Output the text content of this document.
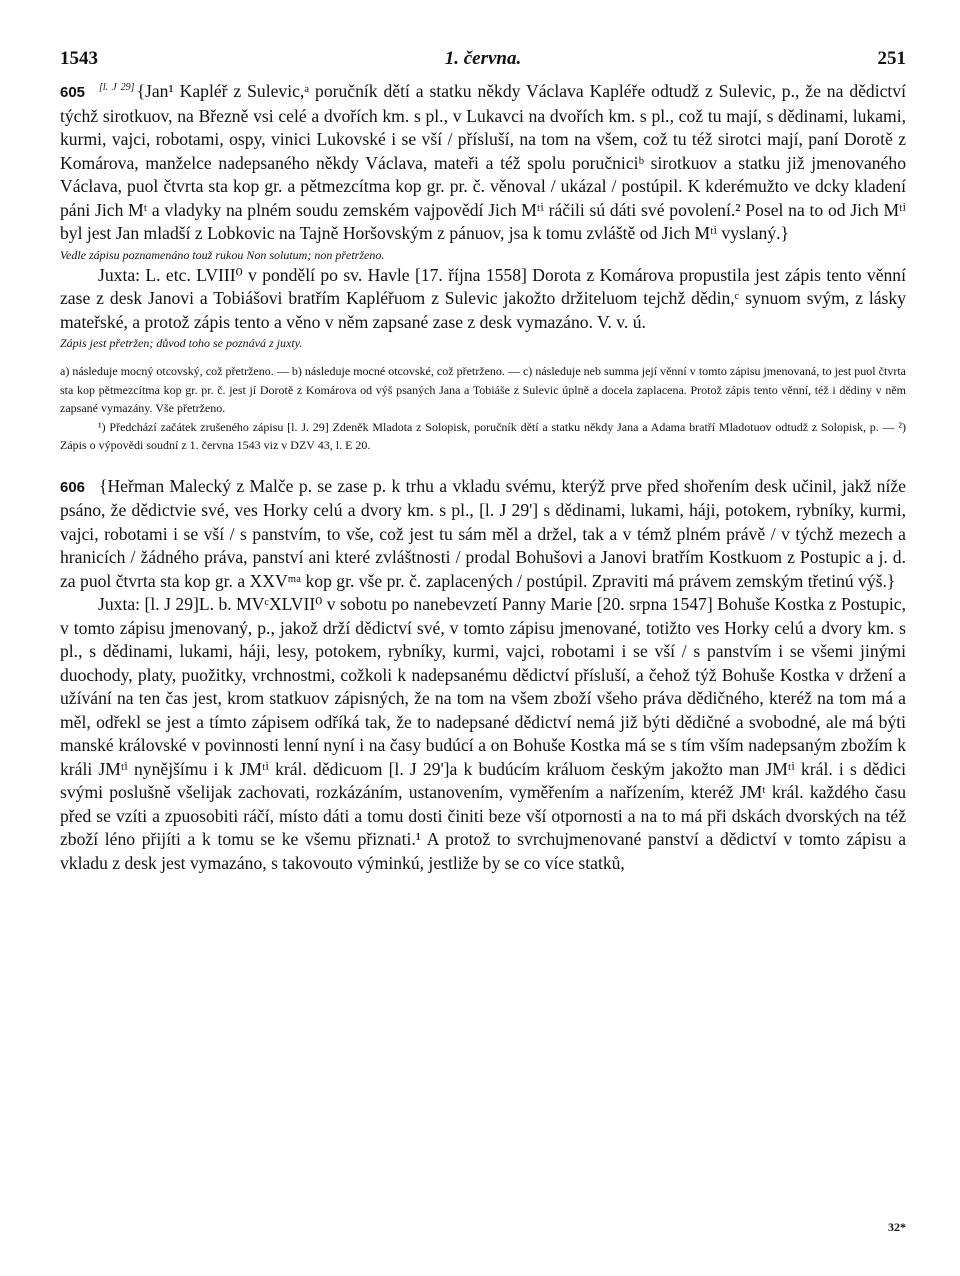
1543	1. června.	251

605 [l. J 29] {Jan¹ Kapléř z Sulevic,ᵃ poručník dětí a statku někdy Václava Kapléře odtudž z Sulevic, p., že na dědictví týchž sirotkuov, na Březně vsi celé a dvořích km. s pl., v Lukavci na dvořích km. s pl., což tu mají, s dědinami, lukami, kurmi, vajci, robotami, ospy, vinici Lukovské i se vší / přísluší, na tom na všem, což tu též sirotci mají, paní Dorotě z Komárova, manželce nadepsaného někdy Václava, mateři a též spolu poručniciᵇ sirotkuov a statku již jmenovaného Václava, puol čtvrta sta kop gr. a pětmezcítma kop gr. pr. č. věnoval / ukázal / postúpil. K kderémužto ve dcky kladení páni Jich Mᵗ a vladyky na plném soudu zemském vajpovědí Jich Mᵗⁱ ráčili sú dáti své povolení.² Posel na to od Jich Mᵗⁱ byl jest Jan mladší z Lobkovic na Tajně Horšovským z pánuov, jsa k tomu zvláště od Jich Mᵗⁱ vyslaný.}

Vedle zápisu poznamenáno touž rukou Non solutum; non přetrženo.

Juxta: L. etc. LVIII⁰ v pondělí po sv. Havle [17. října 1558] Dorota z Komárova propustila jest zápis tento věnní zase z desk Janovi a Tobiášovi bratřím Kapléřuom z Sulevic jakožto držiteluom tejchž dědin,ᶜ synuom svým, z lásky mateřské, a protož zápis tento a věno v něm zapsané zase z desk vymazáno. V. v. ú.

Zápis jest přetržen; důvod toho se poznává z juxty.

a) následuje mocný otcovský, což přetrženo. — b) následuje mocné otcovské, což přetrženo. — c) následuje neb summa její věnní v tomto zápisu jmenovaná, to jest puol čtvrta sta kop pětmezcítma kop gr. pr. č. jest jí Dorotě z Komárova od výš psaných Jana a Tobiáše z Sulevic úplně a docela zaplacena. Protož zápis tento věnní, též i dědiny v něm zapsané vymazány. Vše přetrženo.

¹) Předchází začátek zrušeného zápisu [l. J. 29] Zdeněk Mladota z Solopisk, poručník dětí a statku někdy Jana a Adama bratří Mladotuov odtudž z Solopisk, p. — ²) Zápis o výpovědi soudní z 1. června 1543 viz v DZV 43, l. E 20.

606 {Heřman Malecký z Malče p. se zase p. k trhu a vkladu svému, kterýž prve před shořením desk učinil, jakž níže psáno, že dědictvie své, ves Horky celú a dvory km. s pl., [l. J 29'] s dědinami, lukami, háji, potokem, rybníky, kurmi, vajci, robotami i se vší / s panstvím, to vše, což jest tu sám měl a držel, tak a v témž plném právě / v týchž mezech a hranicích / žádného práva, panství ani které zvláštnosti / prodal Bohušovi a Janovi bratřím Kostkuom z Postupic a j. d. za puol čtvrta sta kop gr. a XXVᵐᵃ kop gr. vše pr. č. zaplacených / postúpil. Zpraviti má právem zemským třetinú výš.}

Juxta: [l. J 29]L. b. MVᶜXLVII⁰ v sobotu po nanebevzetí Panny Marie [20. srpna 1547] Bohuše Kostka z Postupic, v tomto zápisu jmenovaný, p., jakož drží dědictví své, v tomto zápisu jmenované, totižto ves Horky celú a dvory km. s pl., s dědinami, lukami, háji, lesy, potokem, rybníky, kurmi, vajci, robotami i se vší / s panstvím i se všemi jinými duochody, platy, puožitky, vrchnostmi, cožkoli k nadepsanému dědictví přísluší, a čehož týž Bohuše Kostka v držení a užívání na ten čas jest, krom statkuov zápisných, že na tom na všem zboží všeho práva dědičného, kteréž na tom má a měl, odřekl se jest a tímto zápisem odříká tak, že to nadepsané dědictví nemá již býti dědičné a svobodné, ale má býti manské královské v povinnosti lenní nyní i na časy budúcí a on Bohuše Kostka má se s tím vším nadepsaným zbožím k králi JMᵗⁱ nynějšímu i k JMᵗⁱ král. dědicuom [l. J 29']a k budúcím králuom českým jakožto man JMᵗⁱ král. i s dědici svými poslušně všelijak zachovati, rozkázáním, ustanovením, vyměřením a nařízením, kteréž JMᵗ král. každého času před se vzíti a zpuosobiti ráčí, místo dáti a tomu dosti činiti beze vší otpornosti a na to má při dskách dvorských na též zboží léno přijíti a k tomu se ke všemu přiznati.¹ A protož to svrchujmenované panství a dědictví v tomto zápisu a vkladu z desk jest vymazáno, s takovouto výminkú, jestliže by se co více statků,

32*
